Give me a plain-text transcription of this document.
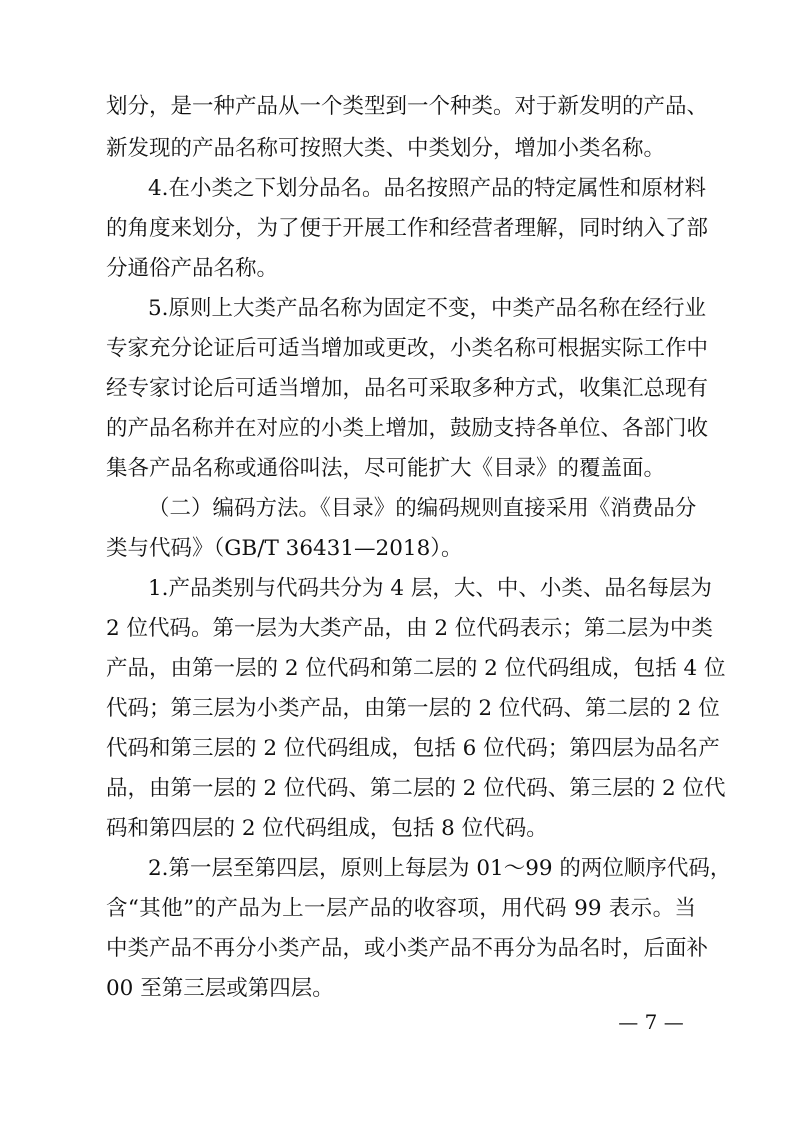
划分，是一种产品从一个类型到一个种类。对于新发明的产品、
新发现的产品名称可按照大类、中类划分，增加小类名称。
4.在小类之下划分品名。品名按照产品的特定属性和原材料
的角度来划分，为了便于开展工作和经营者理解，同时纳入了部
分通俗产品名称。
5.原则上大类产品名称为固定不变，中类产品名称在经行业
专家充分论证后可适当增加或更改，小类名称可根据实际工作中
经专家讨论后可适当增加，品名可采取多种方式，收集汇总现有
的产品名称并在对应的小类上增加，鼓励支持各单位、各部门收
集各产品名称或通俗叫法，尽可能扩大《目录》的覆盖面。
（二）编码方法。《目录》的编码规则直接采用《消费品分
类与代码》（GB/T 36431—2018）。
1.产品类别与代码共分为 4 层，大、中、小类、品名每层为
2 位代码。第一层为大类产品，由 2 位代码表示；第二层为中类
产品，由第一层的 2 位代码和第二层的 2 位代码组成，包括 4 位
代码；第三层为小类产品，由第一层的 2 位代码、第二层的 2 位
代码和第三层的 2 位代码组成，包括 6 位代码；第四层为品名产
品，由第一层的 2 位代码、第二层的 2 位代码、第三层的 2 位代
码和第四层的 2 位代码组成，包括 8 位代码。
2.第一层至第四层，原则上每层为 01～99 的两位顺序代码，
含“其他”的产品为上一层产品的收容项，用代码 99 表示。当
中类产品不再分小类产品，或小类产品不再分为品名时，后面补
00 至第三层或第四层。
— 7 —
